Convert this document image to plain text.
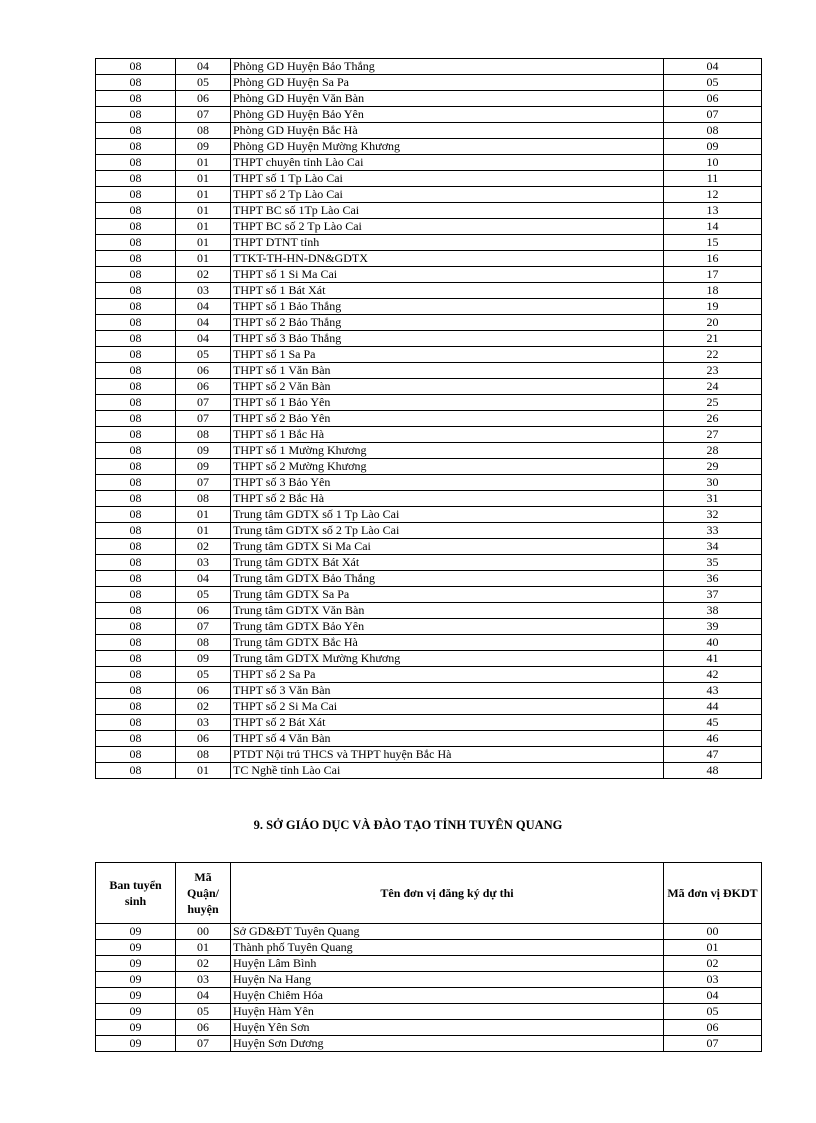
08	04	Phòng GD Huyện Bảo Thắng	04
08	05	Phòng GD Huyện Sa Pa	05
08	06	Phòng GD Huyện Văn Bàn	06
08	07	Phòng GD Huyện Bảo Yên	07
08	08	Phòng GD Huyện Bắc Hà	08
08	09	Phòng GD Huyện Mường Khương	09
08	01	THPT chuyên tỉnh Lào Cai	10
08	01	THPT số 1 Tp Lào Cai	11
08	01	THPT số 2 Tp Lào Cai	12
08	01	THPT BC số 1Tp Lào Cai	13
08	01	THPT BC số 2 Tp Lào Cai	14
08	01	THPT DTNT tỉnh	15
08	01	TTKT-TH-HN-DN&GDTX	16
08	02	THPT số 1 Si Ma Cai	17
08	03	THPT số 1 Bát Xát	18
08	04	THPT số 1 Bảo Thắng	19
08	04	THPT số 2 Bảo Thắng	20
08	04	THPT số 3 Bảo Thắng	21
08	05	THPT số 1 Sa Pa	22
08	06	THPT số 1 Văn Bàn	23
08	06	THPT số 2 Văn Bàn	24
08	07	THPT số 1 Bảo Yên	25
08	07	THPT số 2 Bảo Yên	26
08	08	THPT số 1 Bắc Hà	27
08	09	THPT số 1 Mường Khương	28
08	09	THPT số 2 Mường Khương	29
08	07	THPT số 3 Bảo Yên	30
08	08	THPT số 2 Bắc Hà	31
08	01	Trung tâm GDTX số 1 Tp Lào Cai	32
08	01	Trung tâm GDTX số 2 Tp Lào Cai	33
08	02	Trung tâm GDTX Si Ma Cai	34
08	03	Trung tâm GDTX Bát Xát	35
08	04	Trung tâm GDTX Bảo Thắng	36
08	05	Trung tâm GDTX Sa Pa	37
08	06	Trung tâm GDTX Văn Bàn	38
08	07	Trung tâm GDTX Bảo Yên	39
08	08	Trung tâm GDTX Bắc Hà	40
08	09	Trung tâm GDTX Mường Khương	41
08	05	THPT số 2 Sa Pa	42
08	06	THPT số 3 Văn Bàn	43
08	02	THPT số 2 Si Ma Cai	44
08	03	THPT số 2 Bát Xát	45
08	06	THPT số 4 Văn Bàn	46
08	08	PTDT Nội trú THCS và THPT huyện Bắc Hà	47
08	01	TC Nghề tỉnh Lào Cai	48
9. SỞ GIÁO DỤC VÀ ĐÀO TẠO TỈNH TUYÊN QUANG
Ban tuyển sinh	Mã Quận/ huyện	Tên đơn vị đăng ký dự thi	Mã đơn vị ĐKDT
09	00	Sở GD&ĐT Tuyên Quang	00
09	01	Thành phố Tuyên Quang	01
09	02	Huyện Lâm Bình	02
09	03	Huyện Na Hang	03
09	04	Huyện Chiêm Hóa	04
09	05	Huyện Hàm Yên	05
09	06	Huyện Yên Sơn	06
09	07	Huyện Sơn Dương	07
